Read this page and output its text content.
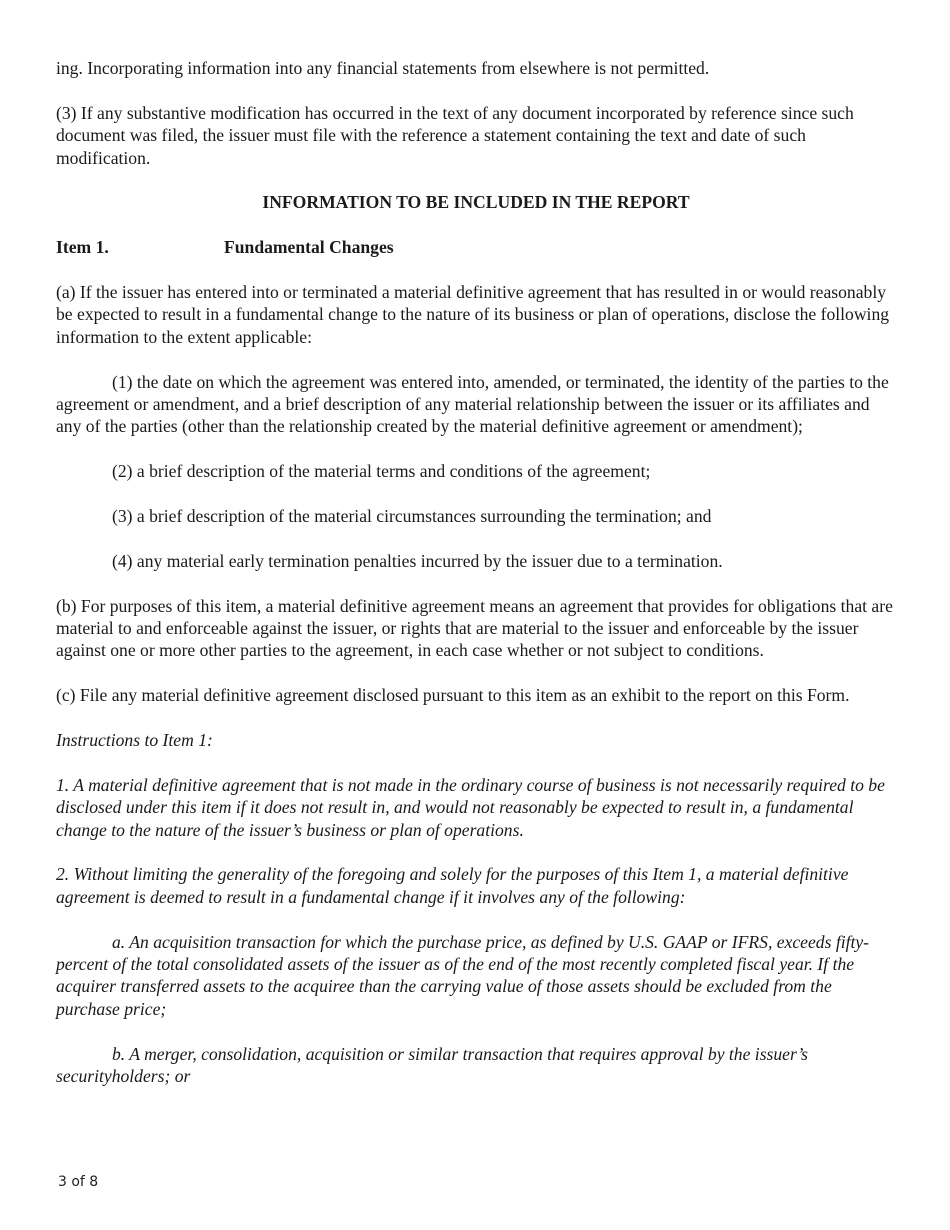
ing. Incorporating information into any financial statements from elsewhere is not permitted.

(3) If any substantive modification has occurred in the text of any document incorporated by reference since such document was filed, the issuer must file with the reference a statement containing the text and date of such modification.

INFORMATION TO BE INCLUDED IN THE REPORT

Item 1.	Fundamental Changes

(a) If the issuer has entered into or terminated a material definitive agreement that has resulted in or would reasonably be expected to result in a fundamental change to the nature of its business or plan of operations, disclose the following information to the extent applicable:

(1) the date on which the agreement was entered into, amended, or terminated, the identity of the parties to the agreement or amendment, and a brief description of any material relationship between the issuer or its affiliates and any of the parties (other than the relationship created by the material definitive agreement or amendment);

(2) a brief description of the material terms and conditions of the agreement;

(3) a brief description of the material circumstances surrounding the termination; and

(4) any material early termination penalties incurred by the issuer due to a termination.

(b) For purposes of this item, a material definitive agreement means an agreement that provides for obligations that are material to and enforceable against the issuer, or rights that are material to the issuer and enforceable by the issuer against one or more other parties to the agreement, in each case whether or not subject to conditions.

(c) File any material definitive agreement disclosed pursuant to this item as an exhibit to the report on this Form.

Instructions to Item 1:

1. A material definitive agreement that is not made in the ordinary course of business is not necessarily required to be disclosed under this item if it does not result in, and would not reasonably be expected to result in, a fundamental change to the nature of the issuer’s business or plan of operations.

2. Without limiting the generality of the foregoing and solely for the purposes of this Item 1, a material definitive agreement is deemed to result in a fundamental change if it involves any of the following:

a. An acquisition transaction for which the purchase price, as defined by U.S. GAAP or IFRS, exceeds fifty-percent of the total consolidated assets of the issuer as of the end of the most recently completed fiscal year. If the acquirer transferred assets to the acquiree than the carrying value of those assets should be excluded from the purchase price;

b. A merger, consolidation, acquisition or similar transaction that requires approval by the issuer’s securityholders; or

3 of 8
